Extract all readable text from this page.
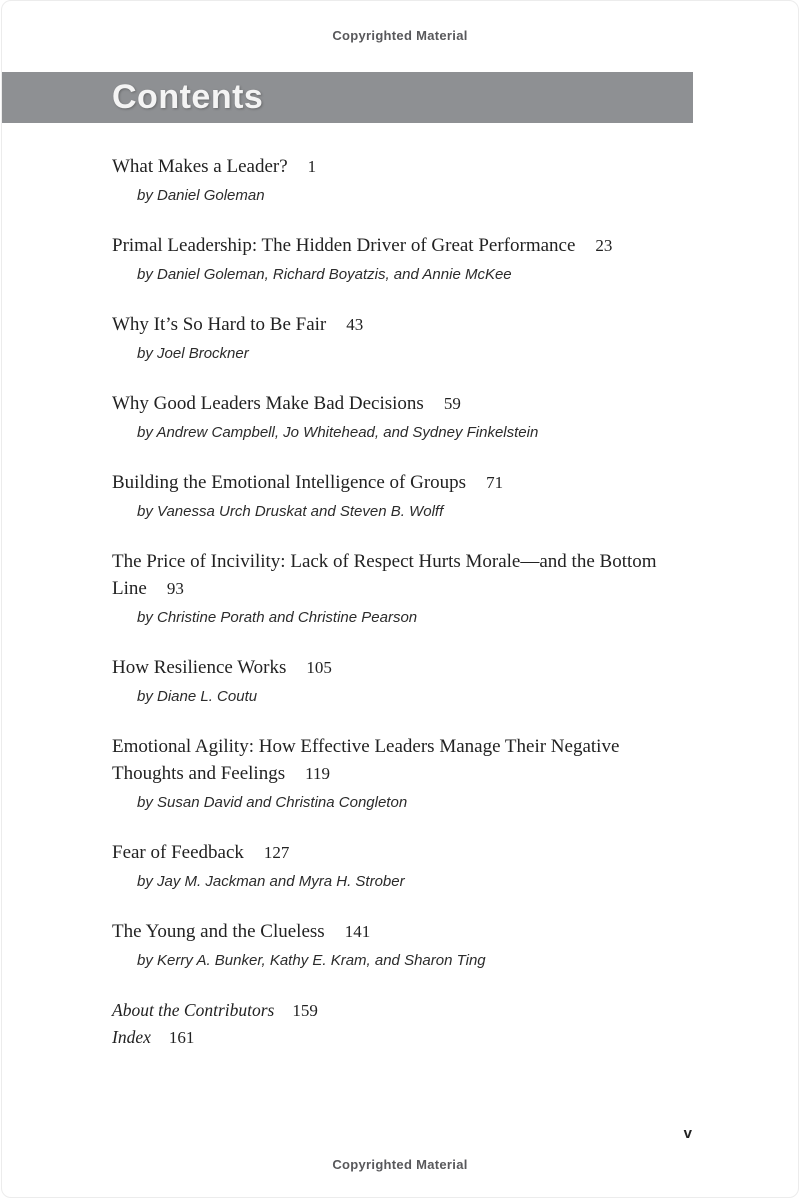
Copyrighted Material
Contents
What Makes a Leader? 1
by Daniel Goleman
Primal Leadership: The Hidden Driver of Great Performance 23
by Daniel Goleman, Richard Boyatzis, and Annie McKee
Why It’s So Hard to Be Fair 43
by Joel Brockner
Why Good Leaders Make Bad Decisions 59
by Andrew Campbell, Jo Whitehead, and Sydney Finkelstein
Building the Emotional Intelligence of Groups 71
by Vanessa Urch Druskat and Steven B. Wolff
The Price of Incivility: Lack of Respect Hurts Morale—and the Bottom Line 93
by Christine Porath and Christine Pearson
How Resilience Works 105
by Diane L. Coutu
Emotional Agility: How Effective Leaders Manage Their Negative Thoughts and Feelings 119
by Susan David and Christina Congleton
Fear of Feedback 127
by Jay M. Jackman and Myra H. Strober
The Young and the Clueless 141
by Kerry A. Bunker, Kathy E. Kram, and Sharon Ting
About the Contributors 159
Index 161
v
Copyrighted Material
